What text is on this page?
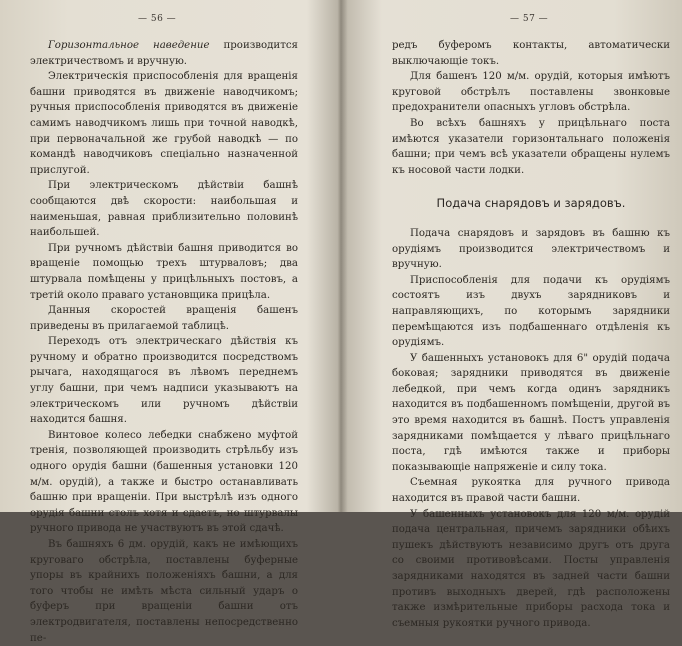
— 56 —

Горизонтальное наведение производится электричествомъ и вручную.

Электрическія приспособленія для вращенія башни приводятся въ движеніе наводчикомъ; ручныя приспособленія приводятся въ движеніе самимъ наводчикомъ лишь при точной наводкѣ, при первоначальной же грубой наводкѣ — по командѣ наводчиковъ спеціально назначенной прислугой.

При электрическомъ дѣйствіи башнѣ сообщаются двѣ скорости: наибольшая и наименьшая, равная приблизительно половинѣ наибольшей.

При ручномъ дѣйствіи башня приводится во вращеніе помощью трехъ штурваловъ; два штурвала помѣщены у прицѣльныхъ постовъ, а третій около праваго установщика прицѣла.

Данныя скоростей вращенія башенъ приведены въ прилагаемой таблицѣ.

Переходъ отъ электрическаго дѣйствія къ ручному и обратно производится посредствомъ рычага, находящагося въ лѣвомъ переднемъ углу башни, при чемъ надписи указываютъ на электрическомъ или ручномъ дѣйствіи находится башня.

Винтовое колесо лебедки снабжено муфтой тренія, позволяющей производить стрѣльбу изъ одного орудія башни (башенныя установки 120 м/м. орудій), а также и быстро останавливать башню при вращеніи. При выстрѣлѣ изъ одного орудія башни столъ хотя и сдаетъ, но штурвалы ручного привода не участвуютъ въ этой сдачѣ.

Въ башняхъ 6 дм. орудій, какъ не имѣющихъ круговаго обстрѣла, поставлены буферные упоры въ крайнихъ положеніяхъ башни, а для того чтобы не имѣть мѣста сильный ударъ о буферъ при вращеніи башни отъ электродвигателя, поставлены непосредственно пе-

— 57 —

редъ буферомъ контакты, автоматически выключающіе токъ.

Для башенъ 120 м/м. орудій, которыя имѣютъ круговой обстрѣлъ поставлены звонковые предохранители опасныхъ угловъ обстрѣла.

Во всѣхъ башняхъ у прицѣльнаго поста имѣются указатели горизонтальнаго положенія башни; при чемъ всѣ указатели обращены нулемъ къ носовой части лодки.

Подача снарядовъ и зарядовъ.

Подача снарядовъ и зарядовъ въ башню къ орудіямъ производится электричествомъ и вручную.

Приспособленія для подачи къ орудіямъ состоятъ изъ двухъ зарядниковъ и направляющихъ, по которымъ зарядники перемѣщаются изъ подбашеннаго отдѣленія къ орудіямъ.

У башенныхъ установокъ для 6" орудій подача боковая; зарядники приводятся въ движеніе лебедкой, при чемъ когда одинъ зарядникъ находится въ подбашенномъ помѣщеніи, другой въ это время находится въ башнѣ. Постъ управленія зарядниками помѣщается у лѣваго прицѣльнаго поста, гдѣ имѣются также и приборы показывающіе напряженіе и силу тока.

Съемная рукоятка для ручного привода находится въ правой части башни.

У башенныхъ установокъ для 120 м/м. орудій подача центральная, причемъ зарядники обѣихъ пушекъ дѣйствуютъ независимо другъ отъ друга со своими противовѣсами. Посты управленія зарядниками находятся въ задней части башни противъ выходныхъ дверей, гдѣ расположены также измѣрительные приборы расхода тока и съемныя рукоятки ручного привода.
